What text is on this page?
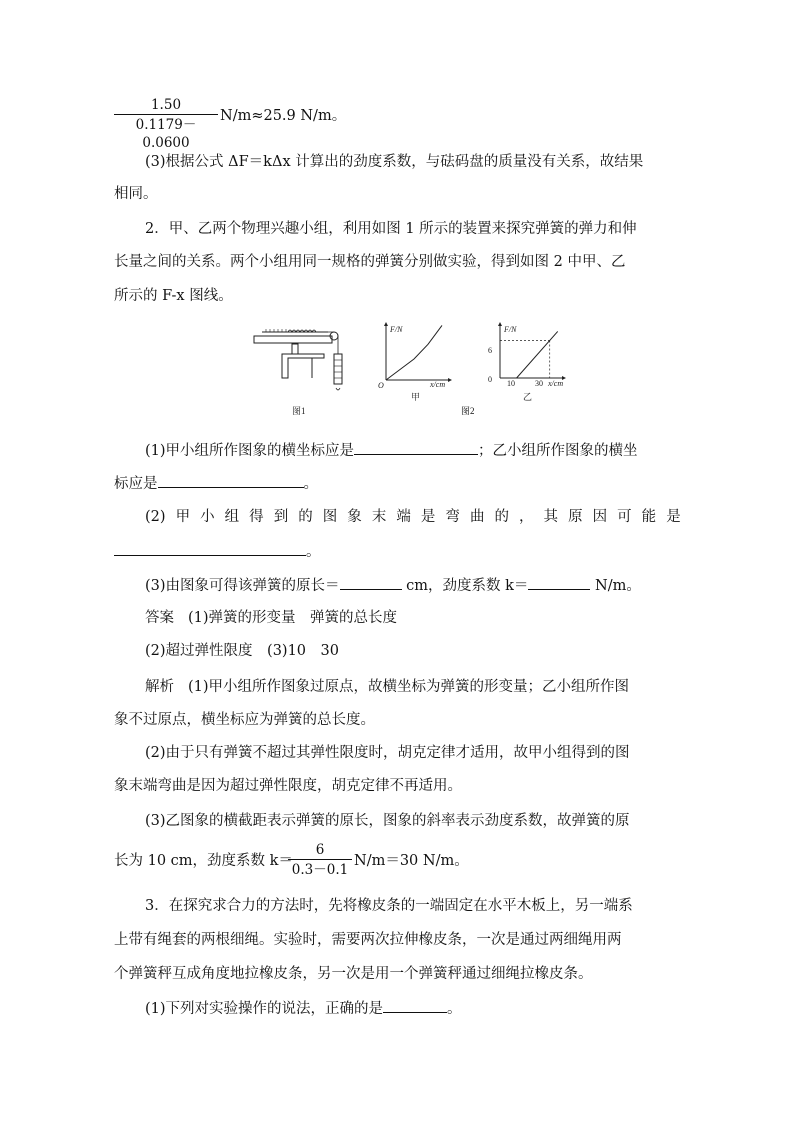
$\frac{1.50}{0.1179-0.0600} N/m\approx 25.9$ N/m。
(3)根据公式 ΔF＝kΔx 计算出的劲度系数，与砝码盘的质量没有关系，故结果
相同。
2．甲、乙两个物理兴趣小组，利用如图 1 所示的装置来探究弹簧的弹力和伸
长量之间的关系。两个小组用同一规格的弹簧分别做实验，得到如图 2 中甲、乙
所示的 F-x 图线。
图1
F/N
x/cm
O
甲
F/N
x/cm
0
6
10	30
乙
图2
(1)甲小组所作图象的横坐标应是	；乙小组所作图象的横坐
标应是	。
(2) 甲 小 组 得 到 的 图 象 末 端 是 弯 曲 的 ， 其 原 因 可 能 是
。
(3)由图象可得该弹簧的原长＝	cm，劲度系数 k＝	N/m。
答案 (1)弹簧的形变量　弹簧的总长度
(2)超过弹性限度　(3)10　30
解析 (1)甲小组所作图象过原点，故横坐标为弹簧的形变量；乙小组所作图
象不过原点，横坐标应为弹簧的总长度。
(2)由于只有弹簧不超过其弹性限度时，胡克定律才适用，故甲小组得到的图
象末端弯曲是因为超过弹性限度，胡克定律不再适用。
(3)乙图象的横截距表示弹簧的原长，图象的斜率表示劲度系数，故弹簧的原
长为 10 cm，劲度系数 k＝
$\frac{6}{0.3-0.1} N/m=30$ N/m。
3．在探究求合力的方法时，先将橡皮条的一端固定在水平木板上，另一端系
上带有绳套的两根细绳。实验时，需要两次拉伸橡皮条，一次是通过两细绳用两
个弹簧秤互成角度地拉橡皮条，另一次是用一个弹簧秤通过细绳拉橡皮条。
(1)下列对实验操作的说法，正确的是	。
